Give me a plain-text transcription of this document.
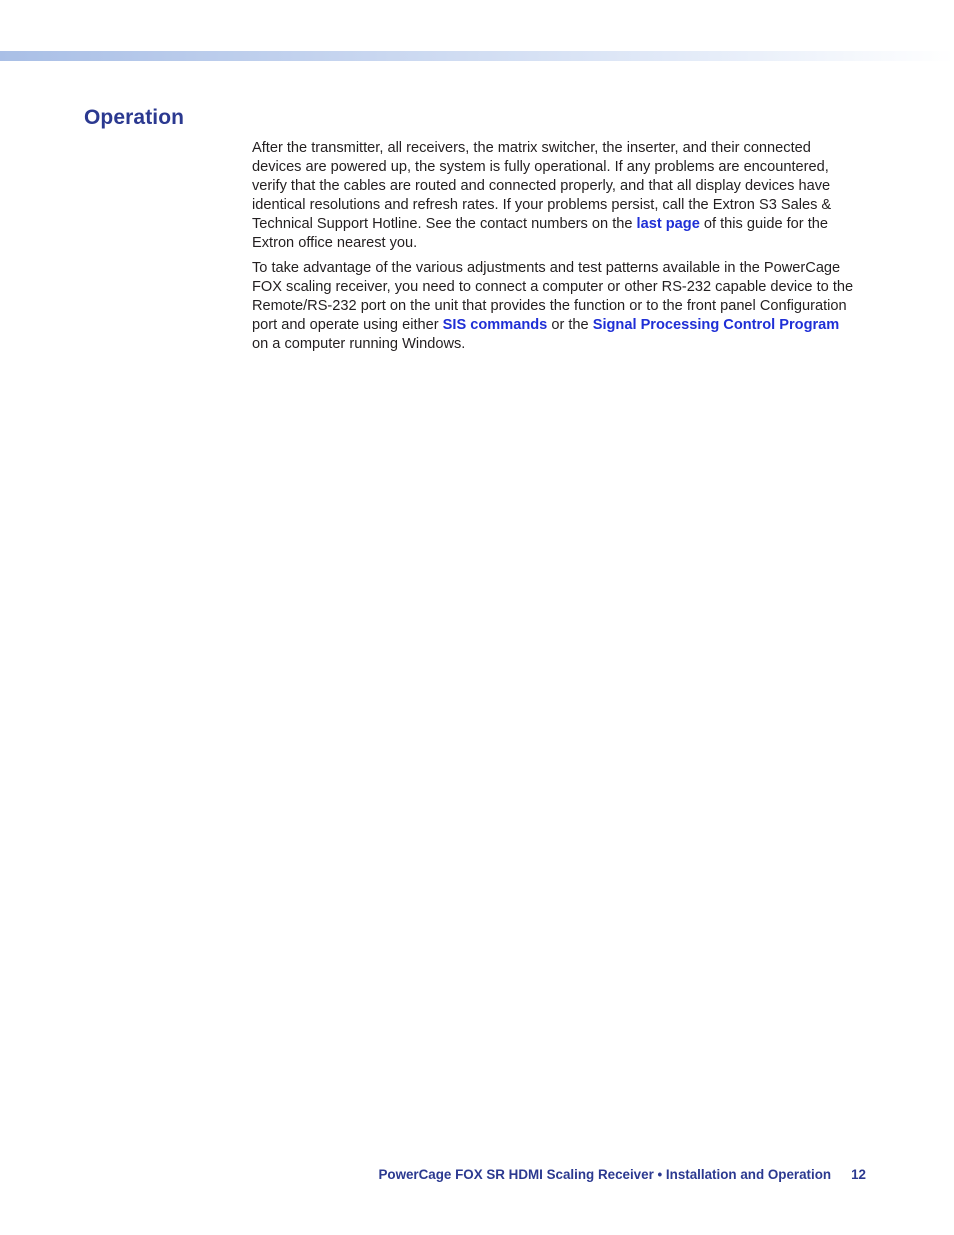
Operation

After the transmitter, all receivers, the matrix switcher, the inserter, and their connected devices are powered up, the system is fully operational. If any problems are encountered, verify that the cables are routed and connected properly, and that all display devices have identical resolutions and refresh rates. If your problems persist, call the Extron S3 Sales & Technical Support Hotline. See the contact numbers on the last page of this guide for the Extron office nearest you.

To take advantage of the various adjustments and test patterns available in the PowerCage FOX scaling receiver, you need to connect a computer or other RS-232 capable device to the Remote/RS-232 port on the unit that provides the function or to the front panel Configuration port and operate using either SIS commands or the Signal Processing Control Program on a computer running Windows.

PowerCage FOX SR HDMI Scaling Receiver • Installation and Operation 12
